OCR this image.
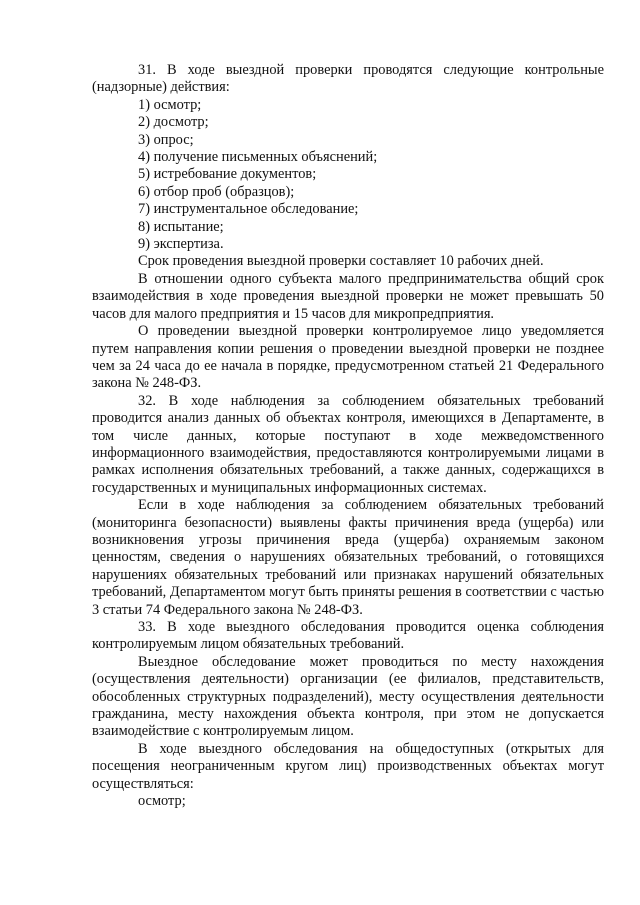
31. В ходе выездной проверки проводятся следующие контрольные (надзорные) действия:

1) осмотр;
2) досмотр;
3) опрос;
4) получение письменных объяснений;
5) истребование документов;
6) отбор проб (образцов);
7) инструментальное обследование;
8) испытание;
9) экспертиза.

Срок проведения выездной проверки составляет 10 рабочих дней.

В отношении одного субъекта малого предпринимательства общий срок взаимодействия в ходе проведения выездной проверки не может превышать 50 часов для малого предприятия и 15 часов для микропредприятия.

О проведении выездной проверки контролируемое лицо уведомляется путем направления копии решения о проведении выездной проверки не позднее чем за 24 часа до ее начала в порядке, предусмотренном статьей 21 Федерального закона № 248-ФЗ.

32. В ходе наблюдения за соблюдением обязательных требований проводится анализ данных об объектах контроля, имеющихся в Департаменте, в том числе данных, которые поступают в ходе межведомственного информационного взаимодействия, предоставляются контролируемыми лицами в рамках исполнения обязательных требований, а также данных, содержащихся в государственных и муниципальных информационных системах.

Если в ходе наблюдения за соблюдением обязательных требований (мониторинга безопасности) выявлены факты причинения вреда (ущерба) или возникновения угрозы причинения вреда (ущерба) охраняемым законом ценностям, сведения о нарушениях обязательных требований, о готовящихся нарушениях обязательных требований или признаках нарушений обязательных требований, Департаментом могут быть приняты решения в соответствии с частью 3 статьи 74 Федерального закона № 248-ФЗ.

33. В ходе выездного обследования проводится оценка соблюдения контролируемым лицом обязательных требований.

Выездное обследование может проводиться по месту нахождения (осуществления деятельности) организации (ее филиалов, представительств, обособленных структурных подразделений), месту осуществления деятельности гражданина, месту нахождения объекта контроля, при этом не допускается взаимодействие с контролируемым лицом.

В ходе выездного обследования на общедоступных (открытых для посещения неограниченным кругом лиц) производственных объектах могут осуществляться:

осмотр;
